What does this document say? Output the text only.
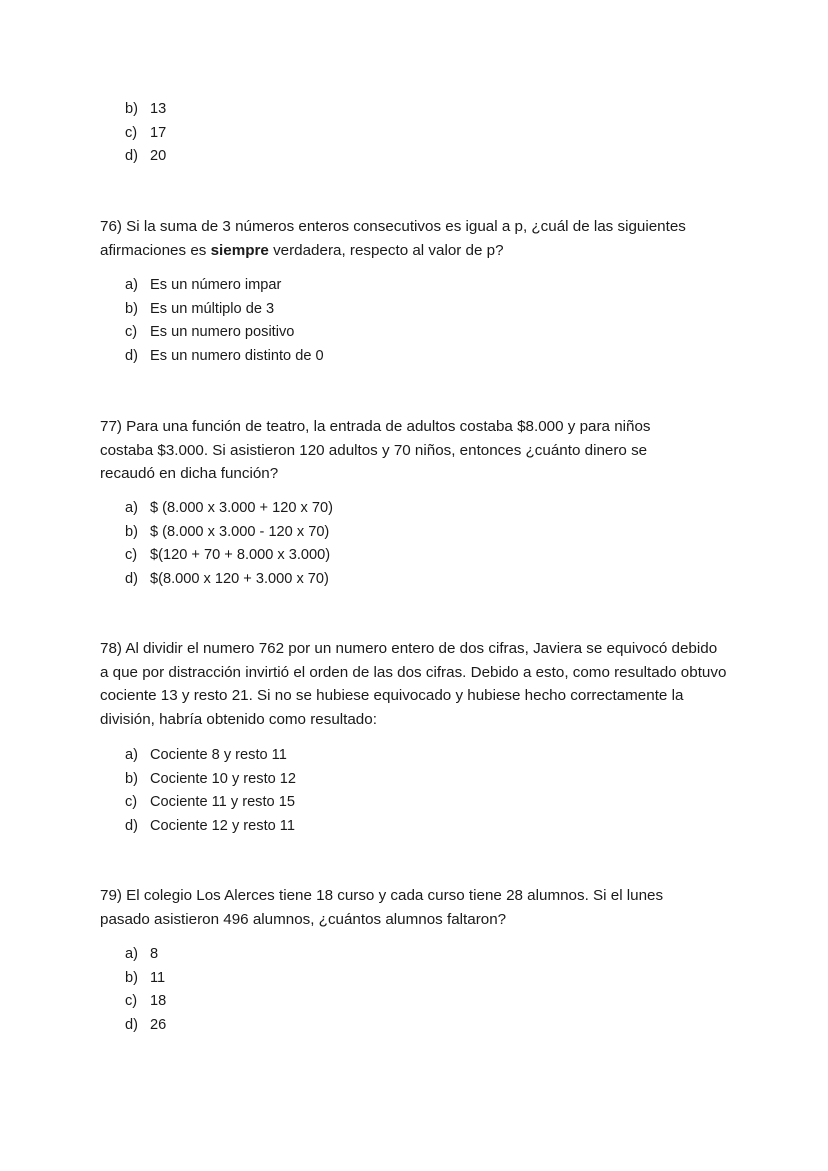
b) 13
c) 17
d) 20

76) Si la suma de 3 números enteros consecutivos es igual a p, ¿cuál de las siguientes afirmaciones es siempre verdadera, respecto al valor de p?

a) Es un número impar
b) Es un múltiplo de 3
c) Es un numero positivo
d) Es un numero distinto de 0

77) Para una función de teatro, la entrada de adultos costaba $8.000 y para niños costaba $3.000. Si asistieron 120 adultos y 70 niños, entonces ¿cuánto dinero se recaudó en dicha función?

a) $ (8.000 x 3.000 + 120 x 70)
b) $ (8.000 x 3.000 - 120 x 70)
c) $(120 + 70 + 8.000 x 3.000)
d) $(8.000 x 120 + 3.000 x 70)

78) Al dividir el numero 762 por un numero entero de dos cifras, Javiera se equivocó debido a que por distracción invirtió el orden de las dos cifras. Debido a esto, como resultado obtuvo cociente 13 y resto 21. Si no se hubiese equivocado y hubiese hecho correctamente la división, habría obtenido como resultado:

a) Cociente 8 y resto 11
b) Cociente 10 y resto 12
c) Cociente 11 y resto 15
d) Cociente 12 y resto 11

79) El colegio Los Alerces tiene 18 curso y cada curso tiene 28 alumnos. Si el lunes pasado asistieron 496 alumnos, ¿cuántos alumnos faltaron?

a) 8
b) 11
c) 18
d) 26
